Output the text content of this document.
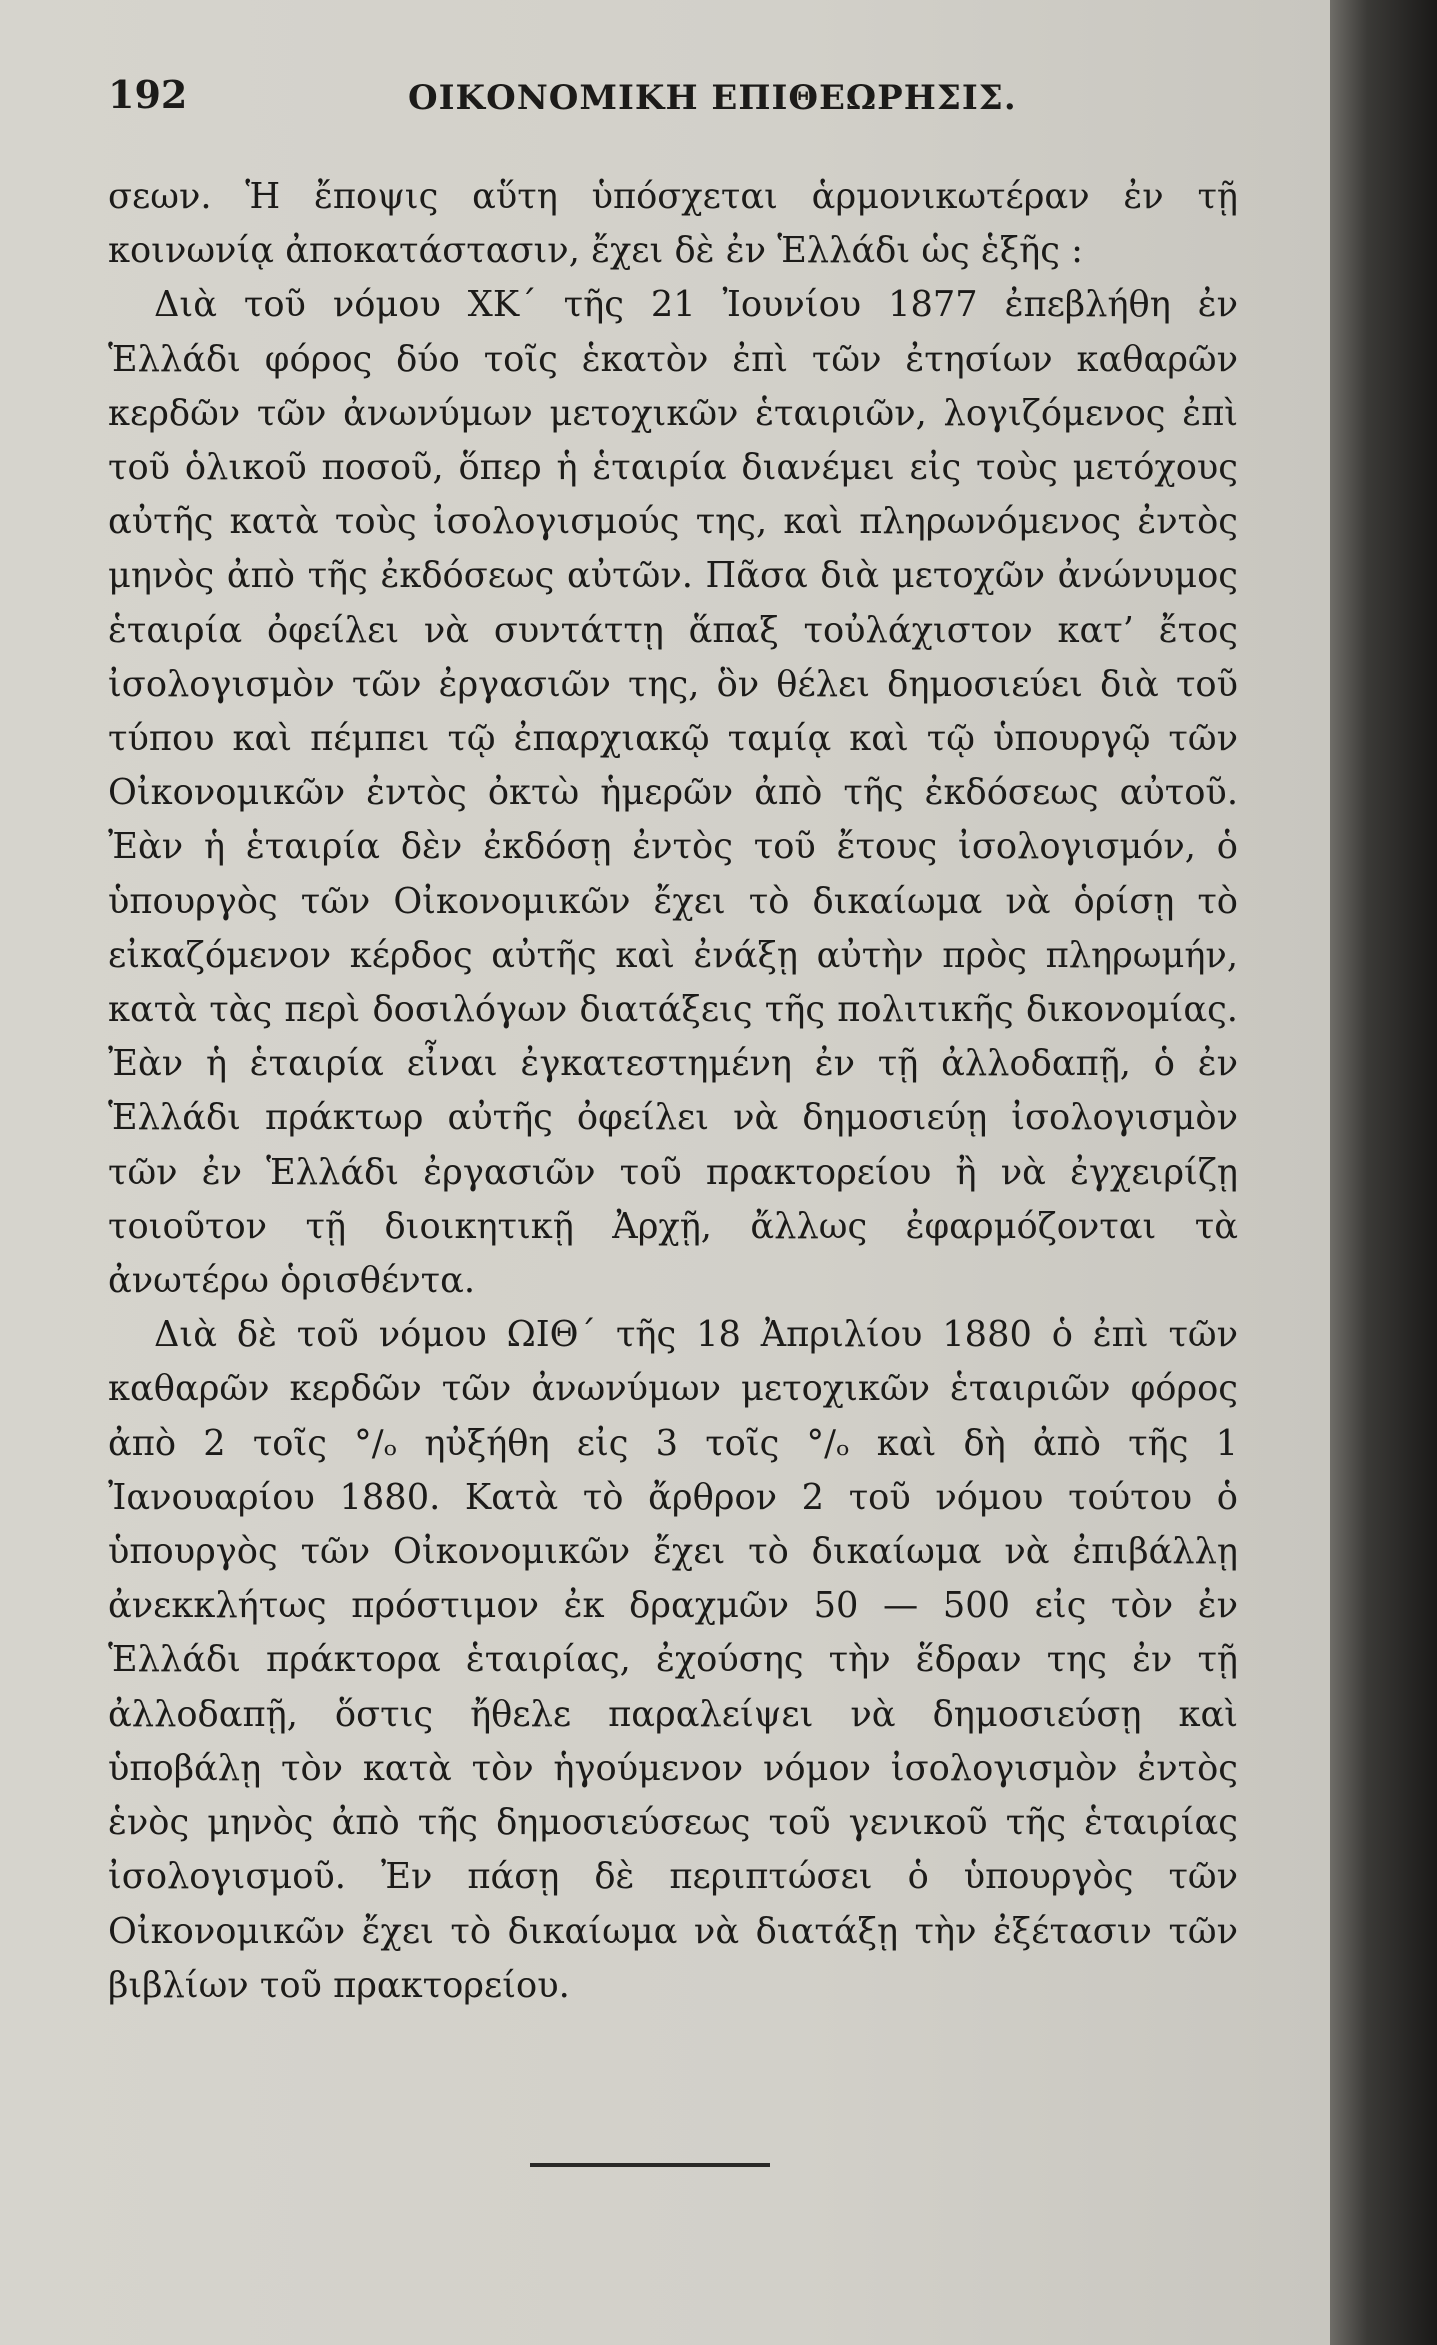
192	ΟΙΚΟΝΟΜΙΚΗ ΕΠΙΘΕΩΡΗΣΙΣ.

σεων. Ἡ ἔποψις αὕτη ὑπόσχεται ἁρμονικωτέραν ἐν τῇ κοινωνίᾳ ἀποκατάστασιν, ἔχει δὲ ἐν Ἑλλάδι ὡς ἑξῆς :

Διὰ τοῦ νόμου ΧΚ΄ τῆς 21 Ἰουνίου 1877 ἐπεβλήθη ἐν Ἑλλάδι φόρος δύο τοῖς ἑκατὸν ἐπὶ τῶν ἐτησίων καθαρῶν κερδῶν τῶν ἀνωνύμων μετοχικῶν ἑταιριῶν, λογιζόμενος ἐπὶ τοῦ ὁλικοῦ ποσοῦ, ὅπερ ἡ ἑταιρία διανέμει εἰς τοὺς μετόχους αὐτῆς κατὰ τοὺς ἰσολογισμούς της, καὶ πληρωνόμενος ἐντὸς μηνὸς ἀπὸ τῆς ἐκδόσεως αὐτῶν. Πᾶσα διὰ μετοχῶν ἀνώνυμος ἑταιρία ὀφείλει νὰ συντάττῃ ἅπαξ τοὐλάχιστον κατ’ ἔτος ἰσολογισμὸν τῶν ἐργασιῶν της, ὃν θέλει δημοσιεύει διὰ τοῦ τύπου καὶ πέμπει τῷ ἐπαρχιακῷ ταμίᾳ καὶ τῷ ὑπουργῷ τῶν Οἰκονομικῶν ἐντὸς ὀκτὼ ἡμερῶν ἀπὸ τῆς ἐκδόσεως αὐτοῦ. Ἐὰν ἡ ἑταιρία δὲν ἐκδόσῃ ἐντὸς τοῦ ἔτους ἰσολογισμόν, ὁ ὑπουργὸς τῶν Οἰκονομικῶν ἔχει τὸ δικαίωμα νὰ ὁρίσῃ τὸ εἰκαζόμενον κέρδος αὐτῆς καὶ ἐνάξῃ αὐτὴν πρὸς πληρωμήν, κατὰ τὰς περὶ δοσιλόγων διατάξεις τῆς πολιτικῆς δικονομίας. Ἐὰν ἡ ἑταιρία εἶναι ἐγκατεστημένη ἐν τῇ ἀλλοδαπῇ, ὁ ἐν Ἑλλάδι πράκτωρ αὐτῆς ὀφείλει νὰ δημοσιεύῃ ἰσολογισμὸν τῶν ἐν Ἑλλάδι ἐργασιῶν τοῦ πρακτορείου ἢ νὰ ἐγχειρίζῃ τοιοῦτον τῇ διοικητικῇ Ἀρχῇ, ἄλλως ἐφαρμόζονται τὰ ἀνωτέρω ὁρισθέντα.

Διὰ δὲ τοῦ νόμου ΩΙΘ΄ τῆς 18 Ἀπριλίου 1880 ὁ ἐπὶ τῶν καθαρῶν κερδῶν τῶν ἀνωνύμων μετοχικῶν ἑταιριῶν φόρος ἀπὸ 2 τοῖς °/ₒ ηὐξήθη εἰς 3 τοῖς °/ₒ καὶ δὴ ἀπὸ τῆς 1 Ἰανουαρίου 1880. Κατὰ τὸ ἄρθρον 2 τοῦ νόμου τούτου ὁ ὑπουργὸς τῶν Οἰκονομικῶν ἔχει τὸ δικαίωμα νὰ ἐπιβάλλῃ ἀνεκκλήτως πρόστιμον ἐκ δραχμῶν 50 — 500 εἰς τὸν ἐν Ἑλλάδι πράκτορα ἑταιρίας, ἐχούσης τὴν ἕδραν της ἐν τῇ ἀλλοδαπῇ, ὅστις ἤθελε παραλείψει νὰ δημοσιεύσῃ καὶ ὑποβάλῃ τὸν κατὰ τὸν ἡγούμενον νόμον ἰσολογισμὸν ἐντὸς ἑνὸς μηνὸς ἀπὸ τῆς δημοσιεύσεως τοῦ γενικοῦ τῆς ἑταιρίας ἰσολογισμοῦ. Ἐν πάσῃ δὲ περιπτώσει ὁ ὑπουργὸς τῶν Οἰκονομικῶν ἔχει τὸ δικαίωμα νὰ διατάξῃ τὴν ἐξέτασιν τῶν βιβλίων τοῦ πρακτορείου.
